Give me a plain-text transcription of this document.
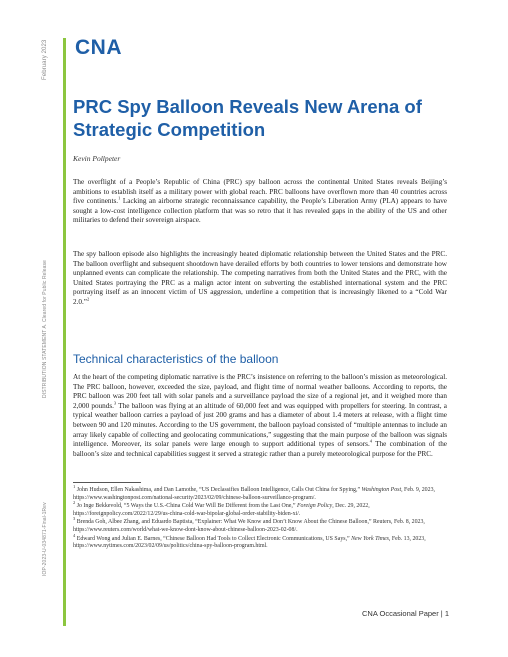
February 2023
DISTRIBUTION STATEMENT A. Cleared for Public Release
IOP-2023-U-034871-Final-1Rev
CNA
PRC Spy Balloon Reveals New Arena of Strategic Competition
Kevin Pollpeter

The overflight of a People’s Republic of China (PRC) spy balloon across the continental United States reveals Beijing’s ambitions to establish itself as a military power with global reach. PRC balloons have overflown more than 40 countries across five continents.$^1$ Lacking an airborne strategic reconnaissance capability, the People’s Liberation Army (PLA) appears to have sought a low-cost intelligence collection platform that was so retro that it has revealed gaps in the ability of the US and other militaries to defend their sovereign airspace.

The spy balloon episode also highlights the increasingly heated diplomatic relationship between the United States and the PRC. The balloon overflight and subsequent shootdown have derailed efforts by both countries to lower tensions and demonstrate how unplanned events can complicate the relationship. The competing narratives from both the United States and the PRC, with the United States portraying the PRC as a malign actor intent on subverting the established international system and the PRC portraying itself as an innocent victim of US aggression, underline a competition that is increasingly likened to a “Cold War 2.0.”$^2$

Technical characteristics of the balloon

At the heart of the competing diplomatic narrative is the PRC’s insistence on referring to the balloon’s mission as meteorological. The PRC balloon, however, exceeded the size, payload, and flight time of normal weather balloons. According to reports, the PRC balloon was 200 feet tall with solar panels and a surveillance payload the size of a regional jet, and it weighed more than 2,000 pounds.$^3$ The balloon was flying at an altitude of 60,000 feet and was equipped with propellers for steering. In contrast, a typical weather balloon carries a payload of just 200 grams and has a diameter of about 1.4 meters at release, with a flight time between 90 and 120 minutes. According to the US government, the balloon payload consisted of “multiple antennas to include an array likely capable of collecting and geolocating communications,” suggesting that the main purpose of the balloon was signals intelligence. Moreover, its solar panels were large enough to support additional types of sensors.$^4$ The combination of the balloon’s size and technical capabilities suggest it served a strategic rather than a purely meteorological purpose for the PRC.

$^1$ John Hudson, Ellen Nakashima, and Dan Lamothe, “US Declassifies Balloon Intelligence, Calls Out China for Spying,” Washington Post, Feb. 9, 2023, https://www.washingtonpost.com/national-security/2023/02/09/chinese-balloon-surveillance-program/.

$^2$ Jo Inge Bekkevold, “5 Ways the U.S.-China Cold War Will Be Different from the Last One,” Foreign Policy, Dec. 29, 2022, https://foreignpolicy.com/2022/12/29/us-china-cold-war-bipolar-global-order-stability-biden-xi/.

$^3$ Brenda Goh, Albee Zhang, and Eduardo Baptista, “Explainer: What We Know and Don’t Know About the Chinese Balloon,” Reuters, Feb. 8, 2023, https://www.reuters.com/world/what-we-know-dont-know-about-chinese-balloon-2023-02-08/.

$^4$ Edward Wong and Julian E. Barnes, “Chinese Balloon Had Tools to Collect Electronic Communications, US Says,” New York Times, Feb. 13, 2023, https://www.nytimes.com/2023/02/09/us/politics/china-spy-balloon-program.html.

CNA Occasional Paper | 1
